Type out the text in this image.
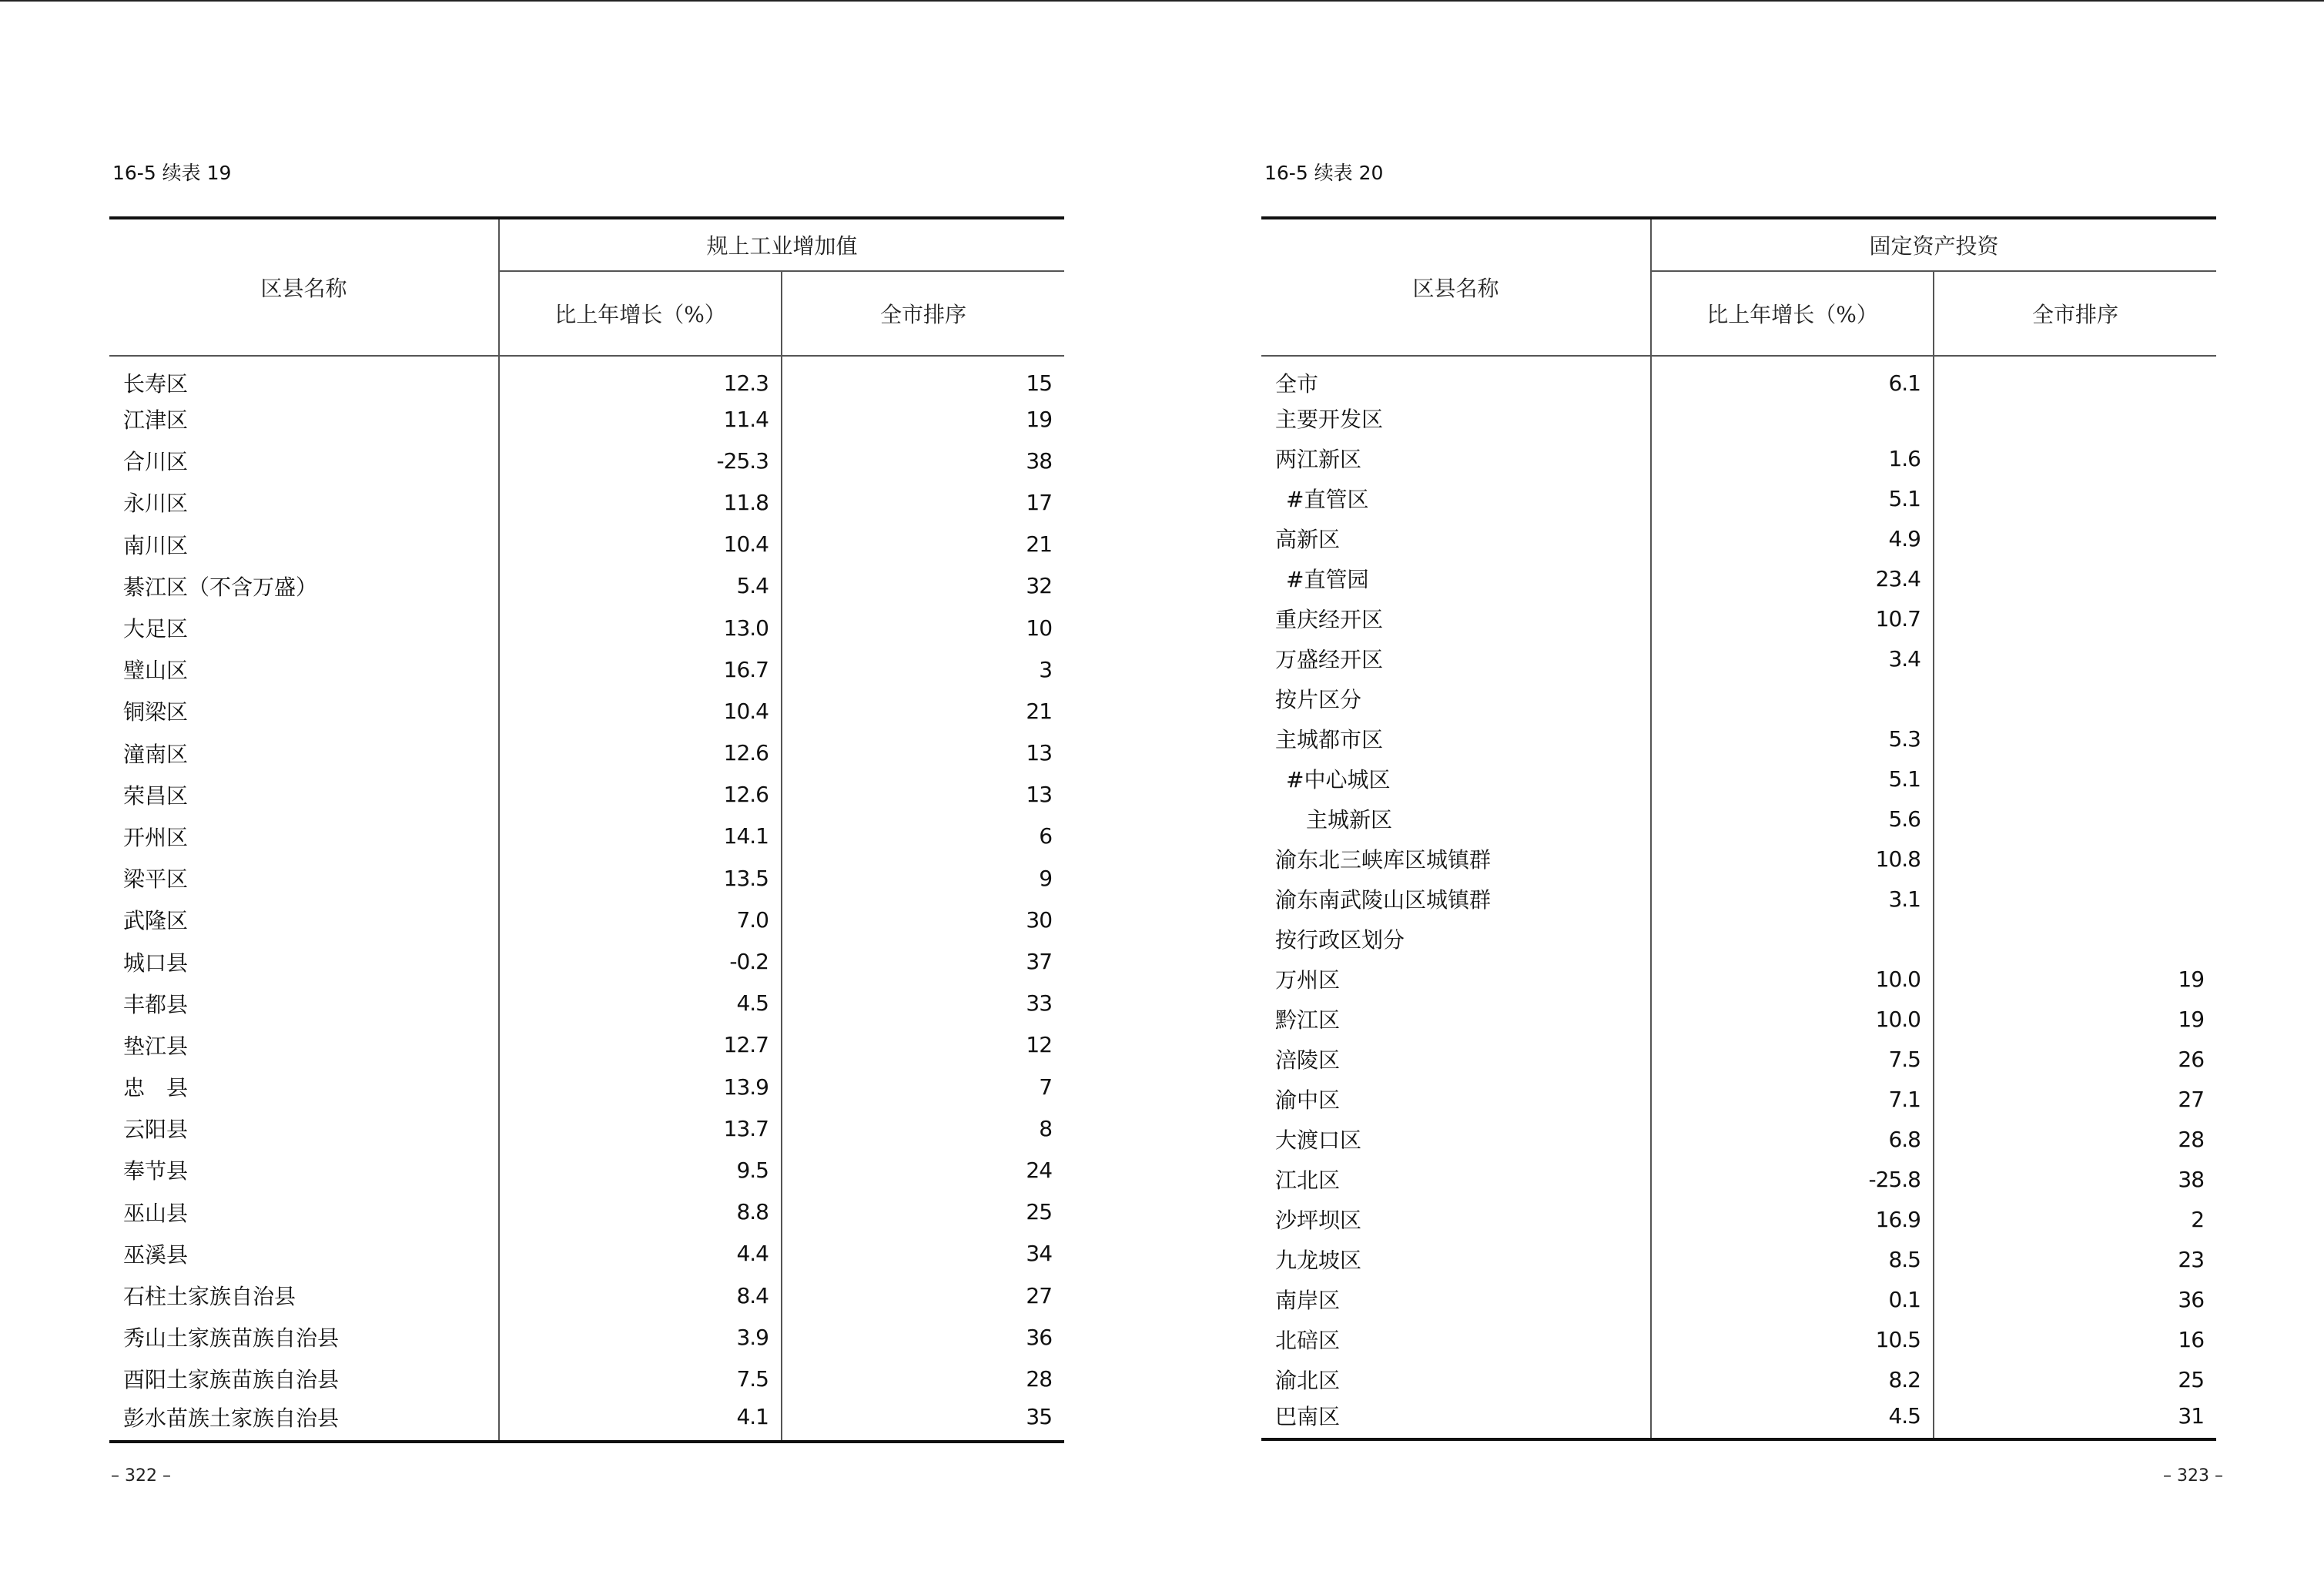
16-5 续表 19
区县名称	规上工业增加值	
	比上年增长（%）	全市排序
长寿区	12.3	15
江津区	11.4	19
合川区	-25.3	38
永川区	11.8	17
南川区	10.4	21
綦江区（不含万盛）	5.4	32
大足区	13.0	10
璧山区	16.7	3
铜梁区	10.4	21
潼南区	12.6	13
荣昌区	12.6	13
开州区	14.1	6
梁平区	13.5	9
武隆区	7.0	30
城口县	-0.2	37
丰都县	4.5	33
垫江县	12.7	12
忠　县	13.9	7
云阳县	13.7	8
奉节县	9.5	24
巫山县	8.8	25
巫溪县	4.4	34
石柱土家族自治县	8.4	27
秀山土家族苗族自治县	3.9	36
酉阳土家族苗族自治县	7.5	28
彭水苗族土家族自治县	4.1	35
– 322 –
16-5 续表 20
区县名称	固定资产投资	
	比上年增长（%）	全市排序
全市	6.1	
主要开发区		
两江新区	1.6	
#直管区	5.1	
高新区	4.9	
#直管园	23.4	
重庆经开区	10.7	
万盛经开区	3.4	
按片区分		
主城都市区	5.3	
#中心城区	5.1	
主城新区	5.6	
渝东北三峡库区城镇群	10.8	
渝东南武陵山区城镇群	3.1	
按行政区划分		
万州区	10.0	19
黔江区	10.0	19
涪陵区	7.5	26
渝中区	7.1	27
大渡口区	6.8	28
江北区	-25.8	38
沙坪坝区	16.9	2
九龙坡区	8.5	23
南岸区	0.1	36
北碚区	10.5	16
渝北区	8.2	25
巴南区	4.5	31
– 323 –
